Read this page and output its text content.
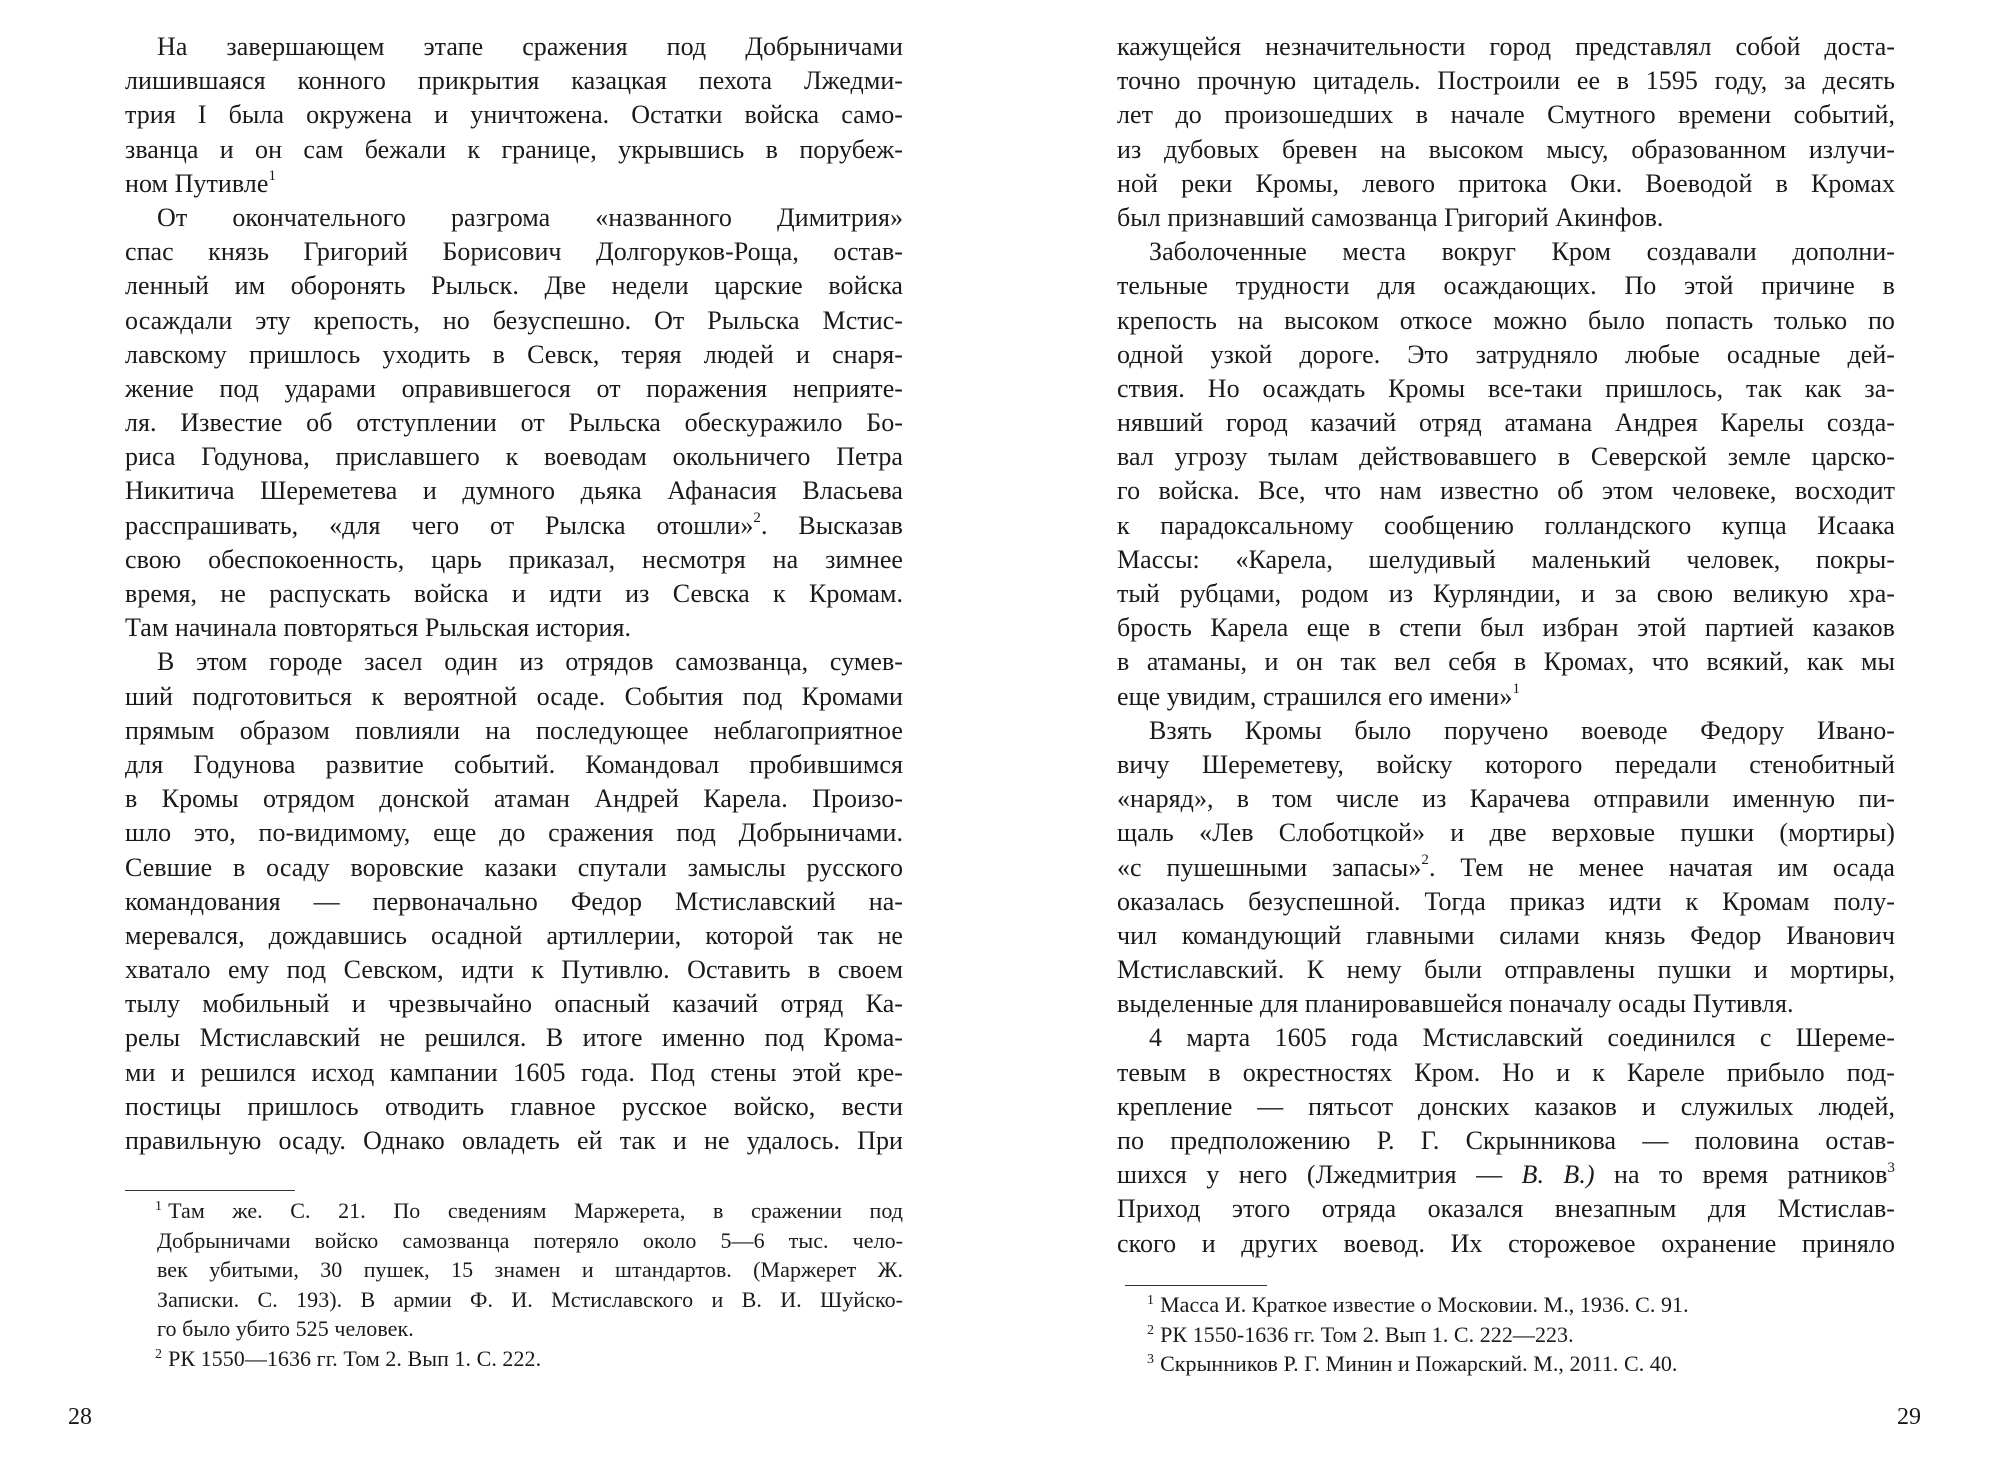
На завершающем этапе сражения под Добрыничами
лишившаяся конного прикрытия казацкая пехота Лжедми-
трия I была окружена и уничтожена. Остатки войска само-
званца и он сам бежали к границе, укрывшись в порубеж-
ном Путивле$^1$
От окончательного разгрома «названного Димитрия»
спас князь Григорий Борисович Долгоруков-Роща, остав-
ленный им оборонять Рыльск. Две недели царские войска
осаждали эту крепость, но безуспешно. От Рыльска Мстис-
лавскому пришлось уходить в Севск, теряя людей и снаря-
жение под ударами оправившегося от поражения неприяте-
ля. Известие об отступлении от Рыльска обескуражило Бо-
риса Годунова, приславшего к воеводам окольничего Петра
Никитича Шереметева и думного дьяка Афанасия Власьева
расспрашивать, «для чего от Рылска отошли»$^2$. Высказав
свою обеспокоенность, царь приказал, несмотря на зимнее
время, не распускать войска и идти из Севска к Кромам.
Там начинала повторяться Рыльская история.
В этом городе засел один из отрядов самозванца, сумев-
ший подготовиться к вероятной осаде. События под Кромами
прямым образом повлияли на последующее неблагоприятное
для Годунова развитие событий. Командовал пробившимся
в Кромы отрядом донской атаман Андрей Карела. Произо-
шло это, по-видимому, еще до сражения под Добрыничами.
Севшие в осаду воровские казаки спутали замыслы русского
командования — первоначально Федор Мстиславский на-
меревался, дождавшись осадной артиллерии, которой так не
хватало ему под Севском, идти к Путивлю. Оставить в своем
тылу мобильный и чрезвычайно опасный казачий отряд Ка-
релы Мстиславский не решился. В итоге именно под Крома-
ми и решился исход кампании 1605 года. Под стены этой кре-
постицы пришлось отводить главное русское войско, вести
правильную осаду. Однако овладеть ей так и не удалось. При
$^1$ Там же. С. 21. По сведениям Маржерета, в сражении под
Добрыничами войско самозванца потеряло около 5—6 тыс. чело-
век убитыми, 30 пушек, 15 знамен и штандартов. (Маржерет Ж.
Записки. С. 193). В армии Ф. И. Мстиславского и В. И. Шуйско-
го было убито 525 человек.
$^2$ РК 1550—1636 гг. Том 2. Вып 1. С. 222.
28
кажущейся незначительности город представлял собой доста-
точно прочную цитадель. Построили ее в 1595 году, за десять
лет до произошедших в начале Смутного времени событий,
из дубовых бревен на высоком мысу, образованном излучи-
ной реки Кромы, левого притока Оки. Воеводой в Кромах
был признавший самозванца Григорий Акинфов.
Заболоченные места вокруг Кром создавали дополни-
тельные трудности для осаждающих. По этой причине в
крепость на высоком откосе можно было попасть только по
одной узкой дороге. Это затрудняло любые осадные дей-
ствия. Но осаждать Кромы все-таки пришлось, так как за-
нявший город казачий отряд атамана Андрея Карелы созда-
вал угрозу тылам действовавшего в Северской земле царско-
го войска. Все, что нам известно об этом человеке, восходит
к парадоксальному сообщению голландского купца Исаака
Массы: «Карела, шелудивый маленький человек, покры-
тый рубцами, родом из Курляндии, и за свою великую хра-
брость Карела еще в степи был избран этой партией казаков
в атаманы, и он так вел себя в Кромах, что всякий, как мы
еще увидим, страшился его имени»$^1$
Взять Кромы было поручено воеводе Федору Ивано-
вичу Шереметеву, войску которого передали стенобитный
«наряд», в том числе из Карачева отправили именную пи-
щаль «Лев Слоботцкой» и две верховые пушки (мортиры)
«с пушешными запасы»$^2$. Тем не менее начатая им осада
оказалась безуспешной. Тогда приказ идти к Кромам полу-
чил командующий главными силами князь Федор Иванович
Мстиславский. К нему были отправлены пушки и мортиры,
выделенные для планировавшейся поначалу осады Путивля.
4 марта 1605 года Мстиславский соединился с Шереме-
тевым в окрестностях Кром. Но и к Кареле прибыло под-
крепление — пятьсот донских казаков и служилых людей,
по предположению Р. Г. Скрынникова — половина остав-
шихся у него (Лжедмитрия — В. В.) на то время ратников$^3$
Приход этого отряда оказался внезапным для Мстислав-
ского и других воевод. Их сторожевое охранение приняло
$^1$ Масса И. Краткое известие о Московии. М., 1936. С. 91.
$^2$ РК 1550-1636 гг. Том 2. Вып 1. С. 222—223.
$^3$ Скрынников Р. Г. Минин и Пожарский. М., 2011. С. 40.
29
